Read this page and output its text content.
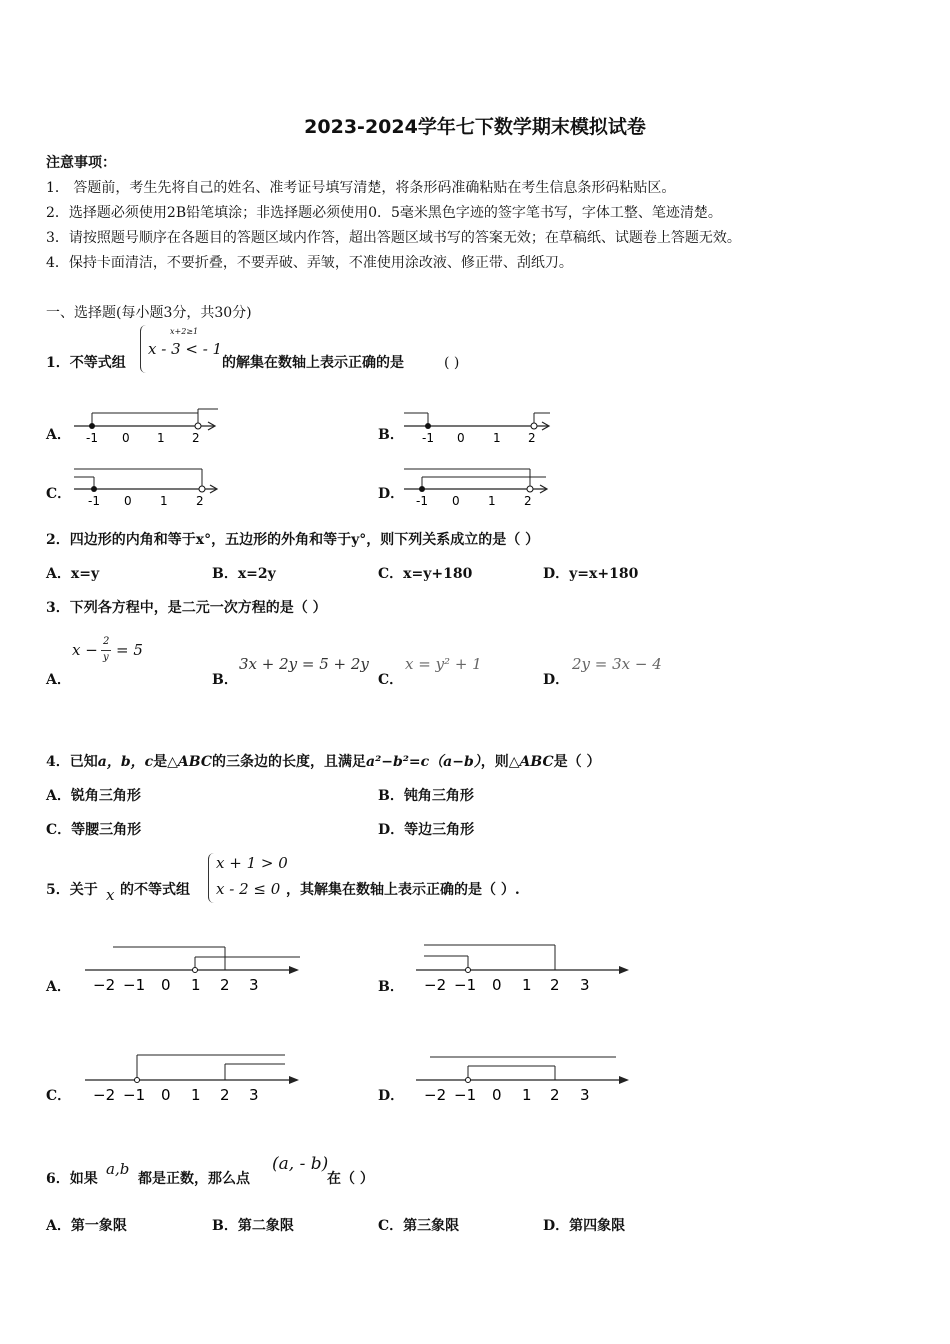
2023-2024学年七下数学期末模拟试卷
注意事项：
1． 答题前，考生先将自己的姓名、准考证号填写清楚，将条形码准确粘贴在考生信息条形码粘贴区。
2．选择题必须使用2B铅笔填涂；非选择题必须使用0．5毫米黑色字迹的签字笔书写，字体工整、笔迹清楚。
3．请按照题号顺序在各题目的答题区域内作答，超出答题区域书写的答案无效；在草稿纸、试题卷上答题无效。
4．保持卡面清洁，不要折叠，不要弄破、弄皱，不准使用涂改液、修正带、刮纸刀。
一、选择题(每小题3分，共30分)
1．不等式组
x+2≥1
x - 3 < - 1
的解集在数轴上表示正确的是	( )
A．	B．
C．	D．
-1 0 1 2	-1 0 1 2
-1 0 1 2	-1 0 1 2
2．四边形的内角和等于x°，五边形的外角和等于y°，则下列关系成立的是（ ）
A．x=y	B．x=2y	C．x=y+180	D．y=x+180
3．下列各方程中，是二元一次方程的是（ ）
A．
x − 2
y = 5
B．
3x + 2y = 5 + 2y
C．
x = y² + 1
D．
2y = 3x − 4
4．已知a，b，c是△ABC的三条边的长度，且满足a²−b²=c（a−b），则△ABC是（ ）
A．锐角三角形	B．钝角三角形
C．等腰三角形	D．等边三角形
5．关于 x 的不等式组
x + 1 > 0
x - 2 ≤ 0 ，其解集在数轴上表示正确的是（ ）.
A．	B．
C．	D．
−2 −1 0 1 2 3	−2 −1 0 1 2 3
−2 −1 0 1 2 3	−2 −1 0 1 2 3
6．如果
a,b
都是正数，那么点
(a, - b)
在（ ）
A．第一象限	B．第二象限	C．第三象限	D．第四象限
